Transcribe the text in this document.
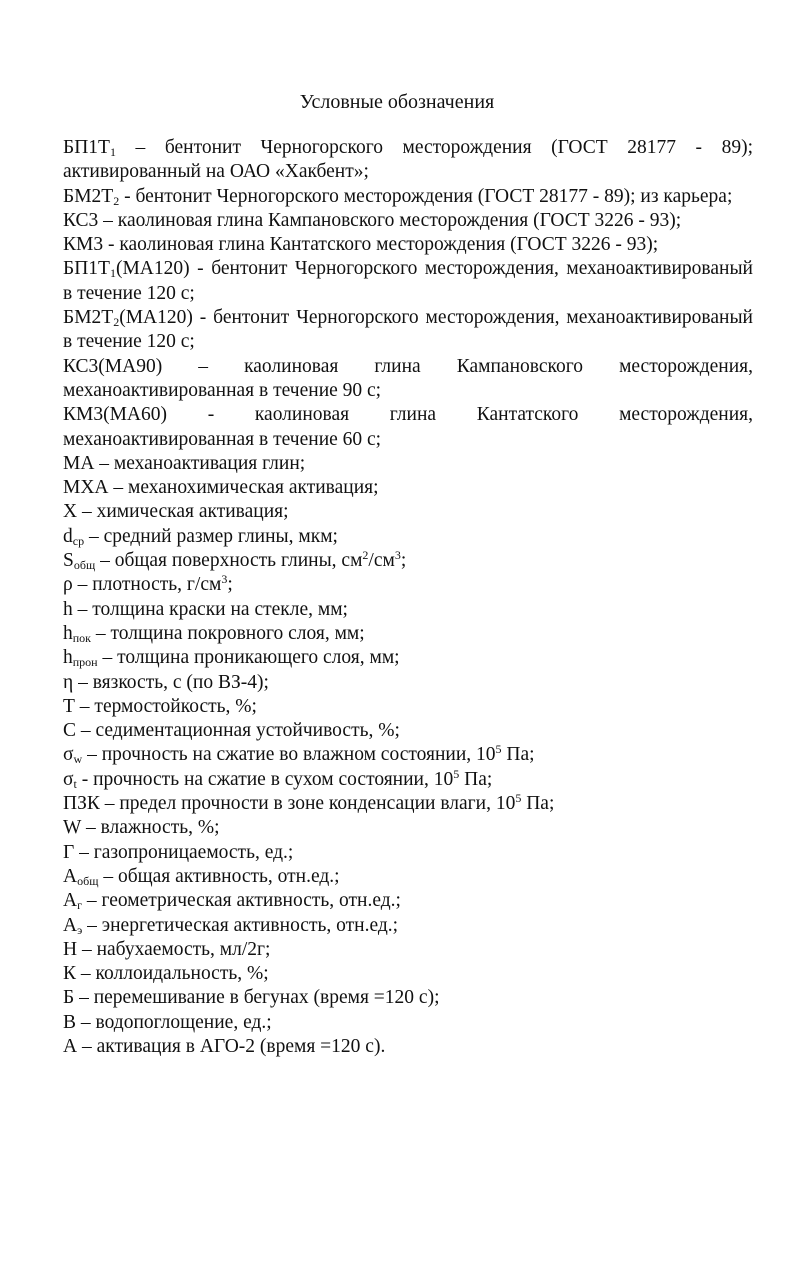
Условные обозначения

$БП1Т_1$ – бентонит Черногорского месторождения (ГОСТ 28177 - 89); активированный на ОАО «Хакбент»;

$БМ2Т_2$ - бентонит Черногорского месторождения (ГОСТ 28177 - 89); из карьера;

КС3 – каолиновая глина Кампановского месторождения (ГОСТ 3226 - 93);

КМ3 - каолиновая глина Кантатского месторождения (ГОСТ 3226 - 93);

$БП1Т_1(МА120)$ - бентонит Черногорского месторождения, механоактивированый в течение 120 с;

$БМ2Т_2(МА120)$ - бентонит Черногорского месторождения, механоактивированый в течение 120 с;

КС3(МА90) – каолиновая глина Кампановского месторождения, механоактивированная в течение 90 с;

КМ3(МА60) - каолиновая глина Кантатского месторождения, механоактивированная в течение 60 с;

МА – механоактивация глин;

МХА – механохимическая активация;

Х – химическая активация;

$d_{ср}$ – средний размер глины, мкм;

$S_{общ}$ – общая поверхность глины, $см^2/см^3$;

ρ – плотность, $г/см^3$;

h – толщина краски на стекле, мм;

$h_{пок}$ – толщина покровного слоя, мм;

$h_{прон}$ – толщина проникающего слоя, мм;

η – вязкость, с (по ВЗ-4);

Т – термостойкость, %;

С – седиментационная устойчивость, %;

$\sigma_w$ – прочность на сжатие во влажном состоянии, $10^5$ Па;

$\sigma_t$ - прочность на сжатие в сухом состоянии, $10^5$ Па;

ПЗК – предел прочности в зоне конденсации влаги, $10^5$ Па;

W – влажность, %;

Г – газопроницаемость, ед.;

$А_{общ}$ – общая активность, отн.ед.;

$А_г$ – геометрическая активность, отн.ед.;

$А_э$ – энергетическая активность, отн.ед.;

Н – набухаемость, мл/2г;

К – коллоидальность, %;

Б – перемешивание в бегунах (время =120 с);

В – водопоглощение, ед.;

А – активация в АГО-2 (время =120 с).
